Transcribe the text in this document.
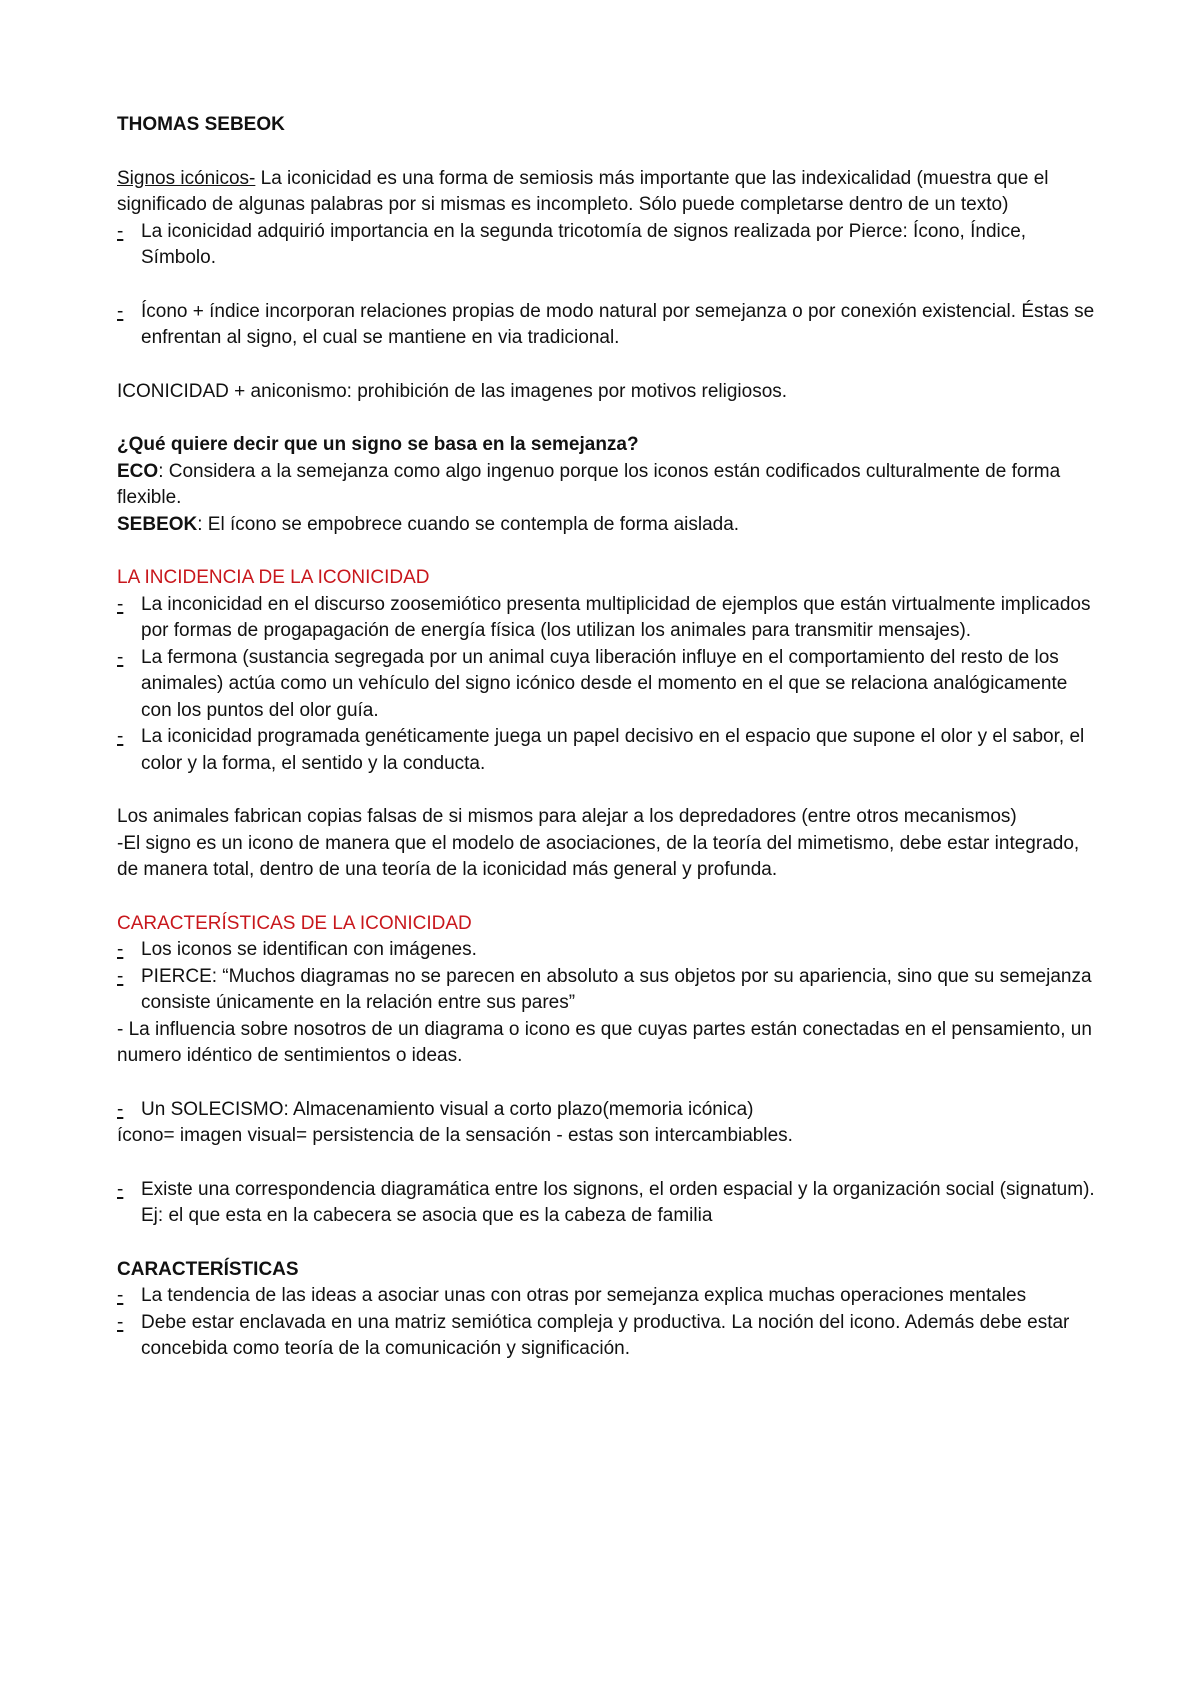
THOMAS SEBEOK

Signos icónicos- La iconicidad es una forma de semiosis más importante que las indexicalidad (muestra que el significado de algunas palabras por si mismas es incompleto. Sólo puede completarse dentro de un texto)

- La iconicidad adquirió importancia en la segunda tricotomía de signos realizada por Pierce: Ícono, Índice, Símbolo.
- Ícono + índice incorporan relaciones propias de modo natural por semejanza o por conexión existencial. Éstas se enfrentan al signo, el cual se mantiene en via tradicional.

ICONICIDAD + aniconismo: prohibición de las imagenes por motivos religiosos.

¿Qué quiere decir que un signo se basa en la semejanza?

ECO: Considera a la semejanza como algo ingenuo porque los iconos están codificados culturalmente de forma flexible.

SEBEOK: El ícono se empobrece cuando se contempla de forma aislada.

LA INCIDENCIA DE LA ICONICIDAD

- La inconicidad en el discurso zoosemiótico presenta multiplicidad de ejemplos que están virtualmente implicados por formas de progapagación de energía física (los utilizan los animales para transmitir mensajes).
- La fermona (sustancia segregada por un animal cuya liberación influye en el comportamiento del resto de los animales) actúa como un vehículo del signo icónico desde el momento en el que se relaciona analógicamente con los puntos del olor guía.
- La iconicidad programada genéticamente juega un papel decisivo en el espacio que supone el olor y el sabor, el color y la forma, el sentido y la conducta.

Los animales fabrican copias falsas de si mismos para alejar a los depredadores (entre otros mecanismos)

-El signo es un icono de manera que el modelo de asociaciones, de la teoría del mimetismo, debe estar integrado, de manera total, dentro de una teoría de la iconicidad más general y profunda.

CARACTERÍSTICAS DE LA ICONICIDAD

- Los iconos se identifican con imágenes.
- PIERCE: “Muchos diagramas no se parecen en absoluto a sus objetos por su apariencia, sino que su semejanza consiste únicamente en la relación entre sus pares”

- La influencia sobre nosotros de un diagrama o icono es que cuyas partes están conectadas en el pensamiento, un numero idéntico de sentimientos o ideas.

- Un SOLECISMO: Almacenamiento visual a corto plazo(memoria icónica)

ícono= imagen visual= persistencia de la sensación - estas son intercambiables.

- Existe una correspondencia diagramática entre los signons, el orden espacial y la organización social (signatum). Ej: el que esta en la cabecera se asocia que es la cabeza de familia

CARACTERÍSTICAS

- La tendencia de las ideas a asociar unas con otras por semejanza explica muchas operaciones mentales
- Debe estar enclavada en una matriz semiótica compleja y productiva. La noción del icono. Además debe estar concebida como teoría de la comunicación y significación.
